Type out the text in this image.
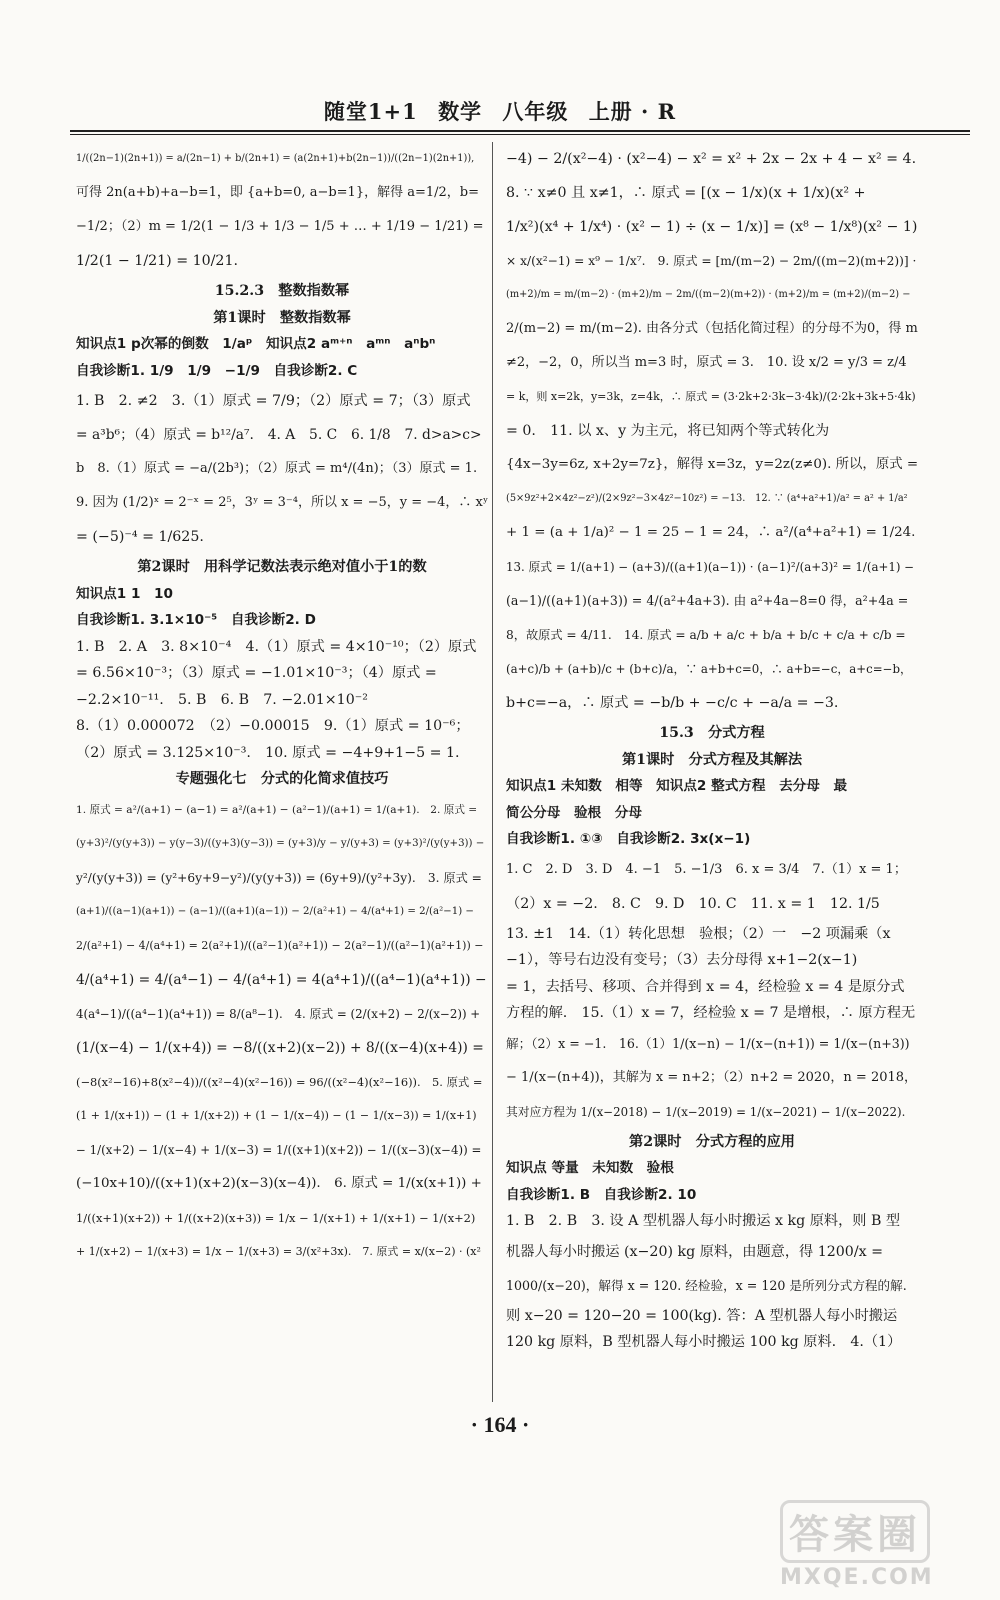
随堂1+1 数学 八年级 上册 · R
1/((2n−1)(2n+1)) = a/(2n−1) + b/(2n+1) = (a(2n+1)+b(2n−1))/((2n−1)(2n+1)),
可得 2n(a+b)+a−b=1，即 {a+b=0, a−b=1}，解得 a=1/2，b=
−1/2；（2）m = 1/2(1 − 1/3 + 1/3 − 1/5 + … + 1/19 − 1/21) =
1/2(1 − 1/21) = 10/21.
15.2.3　整数指数幂
第1课时　整数指数幂
知识点1 p次幂的倒数　1/aᵖ　知识点2 aᵐ⁺ⁿ　aᵐⁿ　aⁿbⁿ
自我诊断1. 1/9　1/9　−1/9　自我诊断2. C
1. B　2. ≠2　3.（1）原式 = 7/9；（2）原式 = 7；（3）原式
= a³b⁶；（4）原式 = b¹²/a⁷.　4. A　5. C　6. 1/8　7. d>a>c>
b　8.（1）原式 = −a/(2b³)；（2）原式 = m⁴/(4n)；（3）原式 = 1.
9. 因为 (1/2)ˣ = 2⁻ˣ = 2⁵，3ʸ = 3⁻⁴，所以 x = −5，y = −4，∴ xʸ
= (−5)⁻⁴ = 1/625.
第2课时　用科学记数法表示绝对值小于1的数
知识点1 1　10
自我诊断1. 3.1×10⁻⁵　自我诊断2. D
1. B　2. A　3. 8×10⁻⁴　4.（1）原式 = 4×10⁻¹⁰；（2）原式
= 6.56×10⁻³；（3）原式 = −1.01×10⁻³；（4）原式 =
−2.2×10⁻¹¹.　5. B　6. B　7. −2.01×10⁻²
8.（1）0.000072　（2）−0.00015　9.（1）原式 = 10⁻⁶；
（2）原式 = 3.125×10⁻³.　10. 原式 = −4+9+1−5 = 1.
专题强化七　分式的化简求值技巧
1. 原式 = a²/(a+1) − (a−1) = a²/(a+1) − (a²−1)/(a+1) = 1/(a+1).　2. 原式 =
(y+3)²/(y(y+3)) − y(y−3)/((y+3)(y−3)) = (y+3)/y − y/(y+3) = (y+3)²/(y(y+3)) −
y²/(y(y+3)) = (y²+6y+9−y²)/(y(y+3)) = (6y+9)/(y²+3y).　3. 原式 =
(a+1)/((a−1)(a+1)) − (a−1)/((a+1)(a−1)) − 2/(a²+1) − 4/(a⁴+1) = 2/(a²−1) −
2/(a²+1) − 4/(a⁴+1) = 2(a²+1)/((a²−1)(a²+1)) − 2(a²−1)/((a²−1)(a²+1)) −
4/(a⁴+1) = 4/(a⁴−1) − 4/(a⁴+1) = 4(a⁴+1)/((a⁴−1)(a⁴+1)) −
4(a⁴−1)/((a⁴−1)(a⁴+1)) = 8/(a⁸−1).　4. 原式 = (2/(x+2) − 2/(x−2)) +
(1/(x−4) − 1/(x+4)) = −8/((x+2)(x−2)) + 8/((x−4)(x+4)) =
(−8(x²−16)+8(x²−4))/((x²−4)(x²−16)) = 96/((x²−4)(x²−16)).　5. 原式 =
(1 + 1/(x+1)) − (1 + 1/(x+2)) + (1 − 1/(x−4)) − (1 − 1/(x−3)) = 1/(x+1)
− 1/(x+2) − 1/(x−4) + 1/(x−3) = 1/((x+1)(x+2)) − 1/((x−3)(x−4)) =
(−10x+10)/((x+1)(x+2)(x−3)(x−4)).　6. 原式 = 1/(x(x+1)) +
1/((x+1)(x+2)) + 1/((x+2)(x+3)) = 1/x − 1/(x+1) + 1/(x+1) − 1/(x+2)
+ 1/(x+2) − 1/(x+3) = 1/x − 1/(x+3) = 3/(x²+3x).　7. 原式 = x/(x−2) · (x²
−4) − 2/(x²−4) · (x²−4) − x² = x² + 2x − 2x + 4 − x² = 4.
8. ∵ x≠0 且 x≠1，∴ 原式 = [(x − 1/x)(x + 1/x)(x² +
1/x²)(x⁴ + 1/x⁴) · (x² − 1) ÷ (x − 1/x)] = (x⁸ − 1/x⁸)(x² − 1)
× x/(x²−1) = x⁹ − 1/x⁷.　9. 原式 = [m/(m−2) − 2m/((m−2)(m+2))] ·
(m+2)/m = m/(m−2) · (m+2)/m − 2m/((m−2)(m+2)) · (m+2)/m = (m+2)/(m−2) −
2/(m−2) = m/(m−2). 由各分式（包括化简过程）的分母不为0，得 m
≠2，−2，0，所以当 m=3 时，原式 = 3.　10. 设 x/2 = y/3 = z/4
= k，则 x=2k，y=3k，z=4k，∴ 原式 = (3·2k+2·3k−3·4k)/(2·2k+3k+5·4k)
= 0.　11. 以 x、y 为主元，将已知两个等式转化为
{4x−3y=6z, x+2y=7z}，解得 x=3z，y=2z(z≠0). 所以，原式 =
(5×9z²+2×4z²−z²)/(2×9z²−3×4z²−10z²) = −13.　12. ∵ (a⁴+a²+1)/a² = a² + 1/a²
+ 1 = (a + 1/a)² − 1 = 25 − 1 = 24，∴ a²/(a⁴+a²+1) = 1/24.
13. 原式 = 1/(a+1) − (a+3)/((a+1)(a−1)) · (a−1)²/(a+3)² = 1/(a+1) −
(a−1)/((a+1)(a+3)) = 4/(a²+4a+3). 由 a²+4a−8=0 得，a²+4a =
8，故原式 = 4/11.　14. 原式 = a/b + a/c + b/a + b/c + c/a + c/b =
(a+c)/b + (a+b)/c + (b+c)/a，∵ a+b+c=0，∴ a+b=−c，a+c=−b，
b+c=−a，∴ 原式 = −b/b + −c/c + −a/a = −3.
15.3　分式方程
第1课时　分式方程及其解法
知识点1 未知数　相等　知识点2 整式方程　去分母　最
简公分母　验根　分母
自我诊断1. ①③　自我诊断2. 3x(x−1)
1. C　2. D　3. D　4. −1　5. −1/3　6. x = 3/4　7.（1）x = 1；
（2）x = −2.　8. C　9. D　10. C　11. x = 1　12. 1/5
13. ±1　14.（1）转化思想　验根；（2）一　−2 项漏乘（x
−1），等号右边没有变号；（3）去分母得 x+1−2(x−1)
= 1，去括号、移项、合并得到 x = 4，经检验 x = 4 是原分式
方程的解.　15.（1）x = 7，经检验 x = 7 是增根，∴ 原方程无
解；（2）x = −1.　16.（1）1/(x−n) − 1/(x−(n+1)) = 1/(x−(n+3))
− 1/(x−(n+4))，其解为 x = n+2；（2）n+2 = 2020，n = 2018，
其对应方程为 1/(x−2018) − 1/(x−2019) = 1/(x−2021) − 1/(x−2022).
第2课时　分式方程的应用
知识点 等量　未知数　验根
自我诊断1. B　自我诊断2. 10
1. B　2. B　3. 设 A 型机器人每小时搬运 x kg 原料，则 B 型
机器人每小时搬运 (x−20) kg 原料，由题意，得 1200/x =
1000/(x−20)，解得 x = 120. 经检验，x = 120 是所列分式方程的解.
则 x−20 = 120−20 = 100(kg). 答：A 型机器人每小时搬运
120 kg 原料，B 型机器人每小时搬运 100 kg 原料.　4.（1）
· 164 ·
答案圈
MXQE.COM
